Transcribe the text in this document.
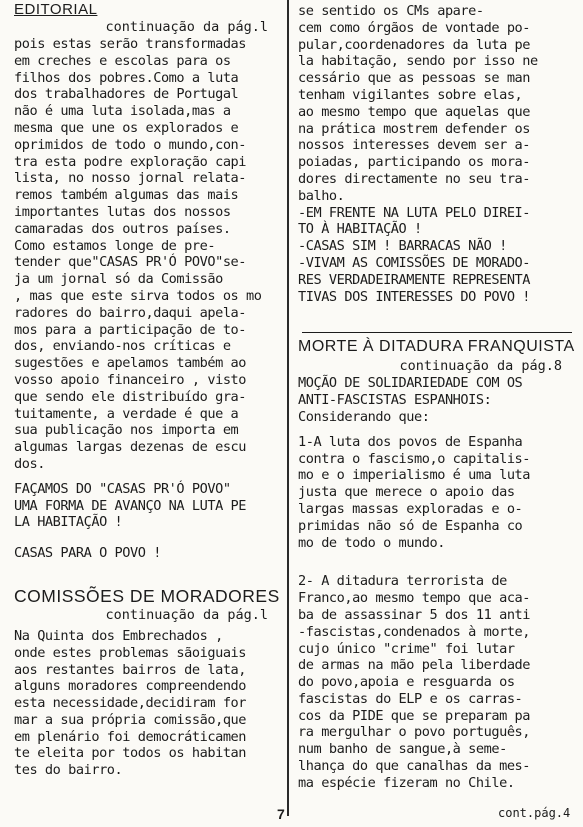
EDITORIAL
continuação da pág.l
pois estas serão transformadas
em creches e escolas para os
filhos dos pobres.Como a luta
dos trabalhadores de Portugal
não é uma luta isolada,mas a
mesma que une os explorados e
oprimidos de todo o mundo,con-
tra esta podre exploração capi
lista, no nosso jornal relata-
remos também algumas das mais
importantes lutas dos nossos
camaradas dos outros países.
Como estamos longe de pre-
tender que"CASAS PR'Ó POVO"se-
ja um jornal só da Comissão
, mas que este sirva todos os mo
radores do bairro,daqui apela-
mos para a participação de to-
dos, enviando-nos críticas e
sugestões e apelamos também ao
vosso apoio financeiro , visto
que sendo ele distribuído gra-
tuitamente, a verdade é que a
sua publicação nos importa em
algumas largas dezenas de escu
dos.
FAÇAMOS DO "CASAS PR'Ó POVO"
UMA FORMA DE AVANÇO NA LUTA PE
LA HABITAÇÃO !
CASAS PARA O POVO !
COMISSÕES DE MORADORES
continuação da pág.l
Na Quinta dos Embrechados ,
onde estes problemas sãoiguais
aos restantes bairros de lata,
alguns moradores compreendendo
esta necessidade,decidiram for
mar a sua própria comissão,que
em plenário foi democráticamen
te eleita por todos os habitan
tes do bairro.
se sentido os CMs apare-
cem como órgãos de vontade po-
pular,coordenadores da luta pe
la habitação, sendo por isso ne
cessário que as pessoas se man
tenham vigilantes sobre elas,
ao mesmo tempo que aquelas que
na prática mostrem defender os
nossos interesses devem ser a-
poiadas, participando os mora-
dores directamente no seu tra-
balho.
-EM FRENTE NA LUTA PELO DIREI-
TO À HABITAÇÃO !
-CASAS SIM ! BARRACAS NÃO !
-VIVAM AS COMISSÕES DE MORADO-
RES VERDADEIRAMENTE REPRESENTA
TIVAS DOS INTERESSES DO POVO !
MORTE À DITADURA FRANQUISTA
continuação da pág.8
MOÇÃO DE SOLIDARIEDADE COM OS
ANTI-FASCISTAS ESPANHOIS:
Considerando que:
1-A luta dos povos de Espanha
contra o fascismo,o capitalis-
mo e o imperialismo é uma luta
justa que merece o apoio das
largas massas exploradas e o-
primidas não só de Espanha co
mo de todo o mundo.
2- A ditadura terrorista de
Franco,ao mesmo tempo que aca-
ba de assassinar 5 dos 11 anti
-fascistas,condenados à morte,
cujo único "crime" foi lutar
de armas na mão pela liberdade
do povo,apoia e resguarda os
fascistas do ELP e os carras-
cos da PIDE que se preparam pa
ra mergulhar o povo português,
num banho de sangue,à seme-
lhança do que canalhas da mes-
ma espécie fizeram no Chile.
7	cont.pág.4
